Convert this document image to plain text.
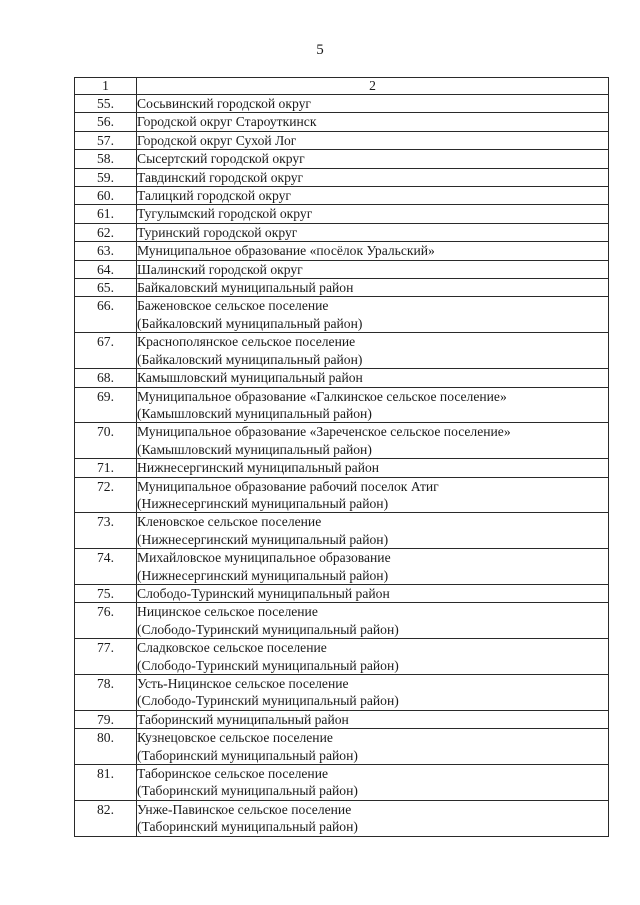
5
1	2
55.	Сосьвинский городской округ

56.	Городской округ Староуткинск

57.	Городской округ Сухой Лог

58.	Сысертский городской округ

59.	Тавдинский городской округ

60.	Талицкий городской округ

61.	Тугулымский городской округ

62.	Туринский городской округ

63.	Муниципальное образование «посёлок Уральский»

64.	Шалинский городской округ

65.	Байкаловский муниципальный район

66.	Баженовское сельское поселение
(Байкаловский муниципальный район)

67.	Краснополянское сельское поселение
(Байкаловский муниципальный район)

68.	Камышловский муниципальный район

69.	Муниципальное образование «Галкинское сельское поселение»
(Камышловский муниципальный район)

70.	Муниципальное образование «Зареченское сельское поселение»
(Камышловский муниципальный район)

71.	Нижнесергинский муниципальный район

72.	Муниципальное образование рабочий поселок Атиг
(Нижнесергинский муниципальный район)

73.	Кленовское сельское поселение
(Нижнесергинский муниципальный район)

74.	Михайловское муниципальное образование
(Нижнесергинский муниципальный район)

75.	Слободо-Туринский муниципальный район

76.	Ницинское сельское поселение
(Слободо-Туринский муниципальный район)

77.	Сладковское сельское поселение
(Слободо-Туринский муниципальный район)

78.	Усть-Ницинское сельское поселение
(Слободо-Туринский муниципальный район)

79.	Таборинский муниципальный район

80.	Кузнецовское сельское поселение
(Таборинский муниципальный район)

81.	Таборинское сельское поселение
(Таборинский муниципальный район)

82.	Унже-Павинское сельское поселение
(Таборинский муниципальный район)
